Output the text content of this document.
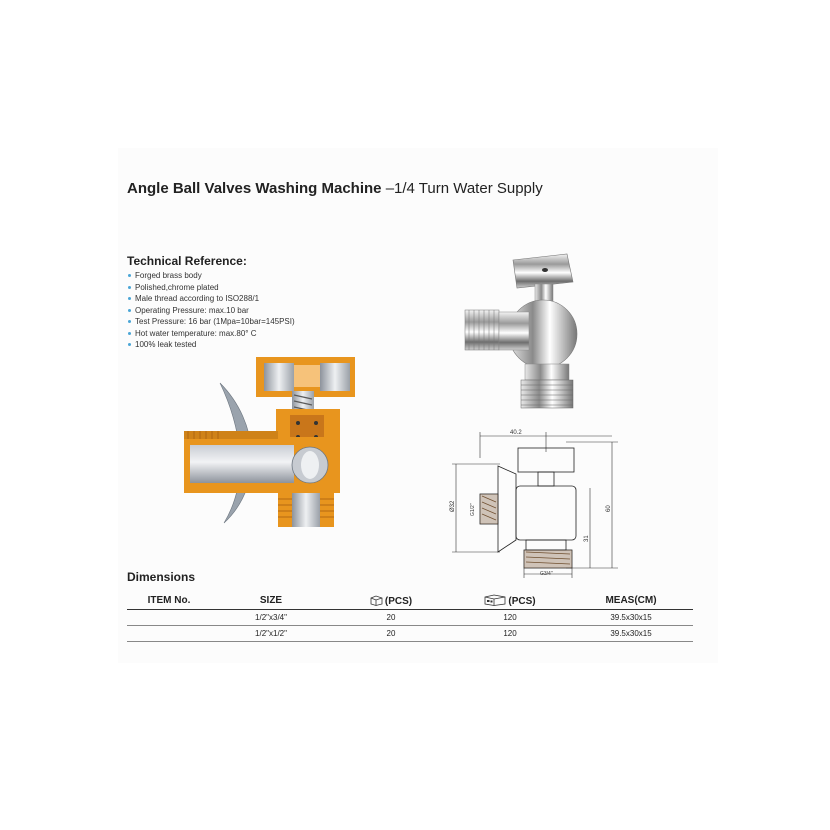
Angle Ball Valves Washing Machine –1/4 Turn Water Supply
Technical Reference:
Forged brass body
Polished,chrome plated
Male thread according to ISO288/1
Operating Pressure: max.10 bar
Test Pressure: 16 bar (1Mpa=10bar=145PSI)
Hot water temperature: max.80° C
100% leak tested
40.2
Ø32	G1/2"	60
31
G3/4"
Dimensions
ITEM No.	SIZE	(PCS)	(PCS)	MEAS(CM)
	1/2"x3/4"	20	120	39.5x30x15
	1/2"x1/2"	20	120	39.5x30x15
